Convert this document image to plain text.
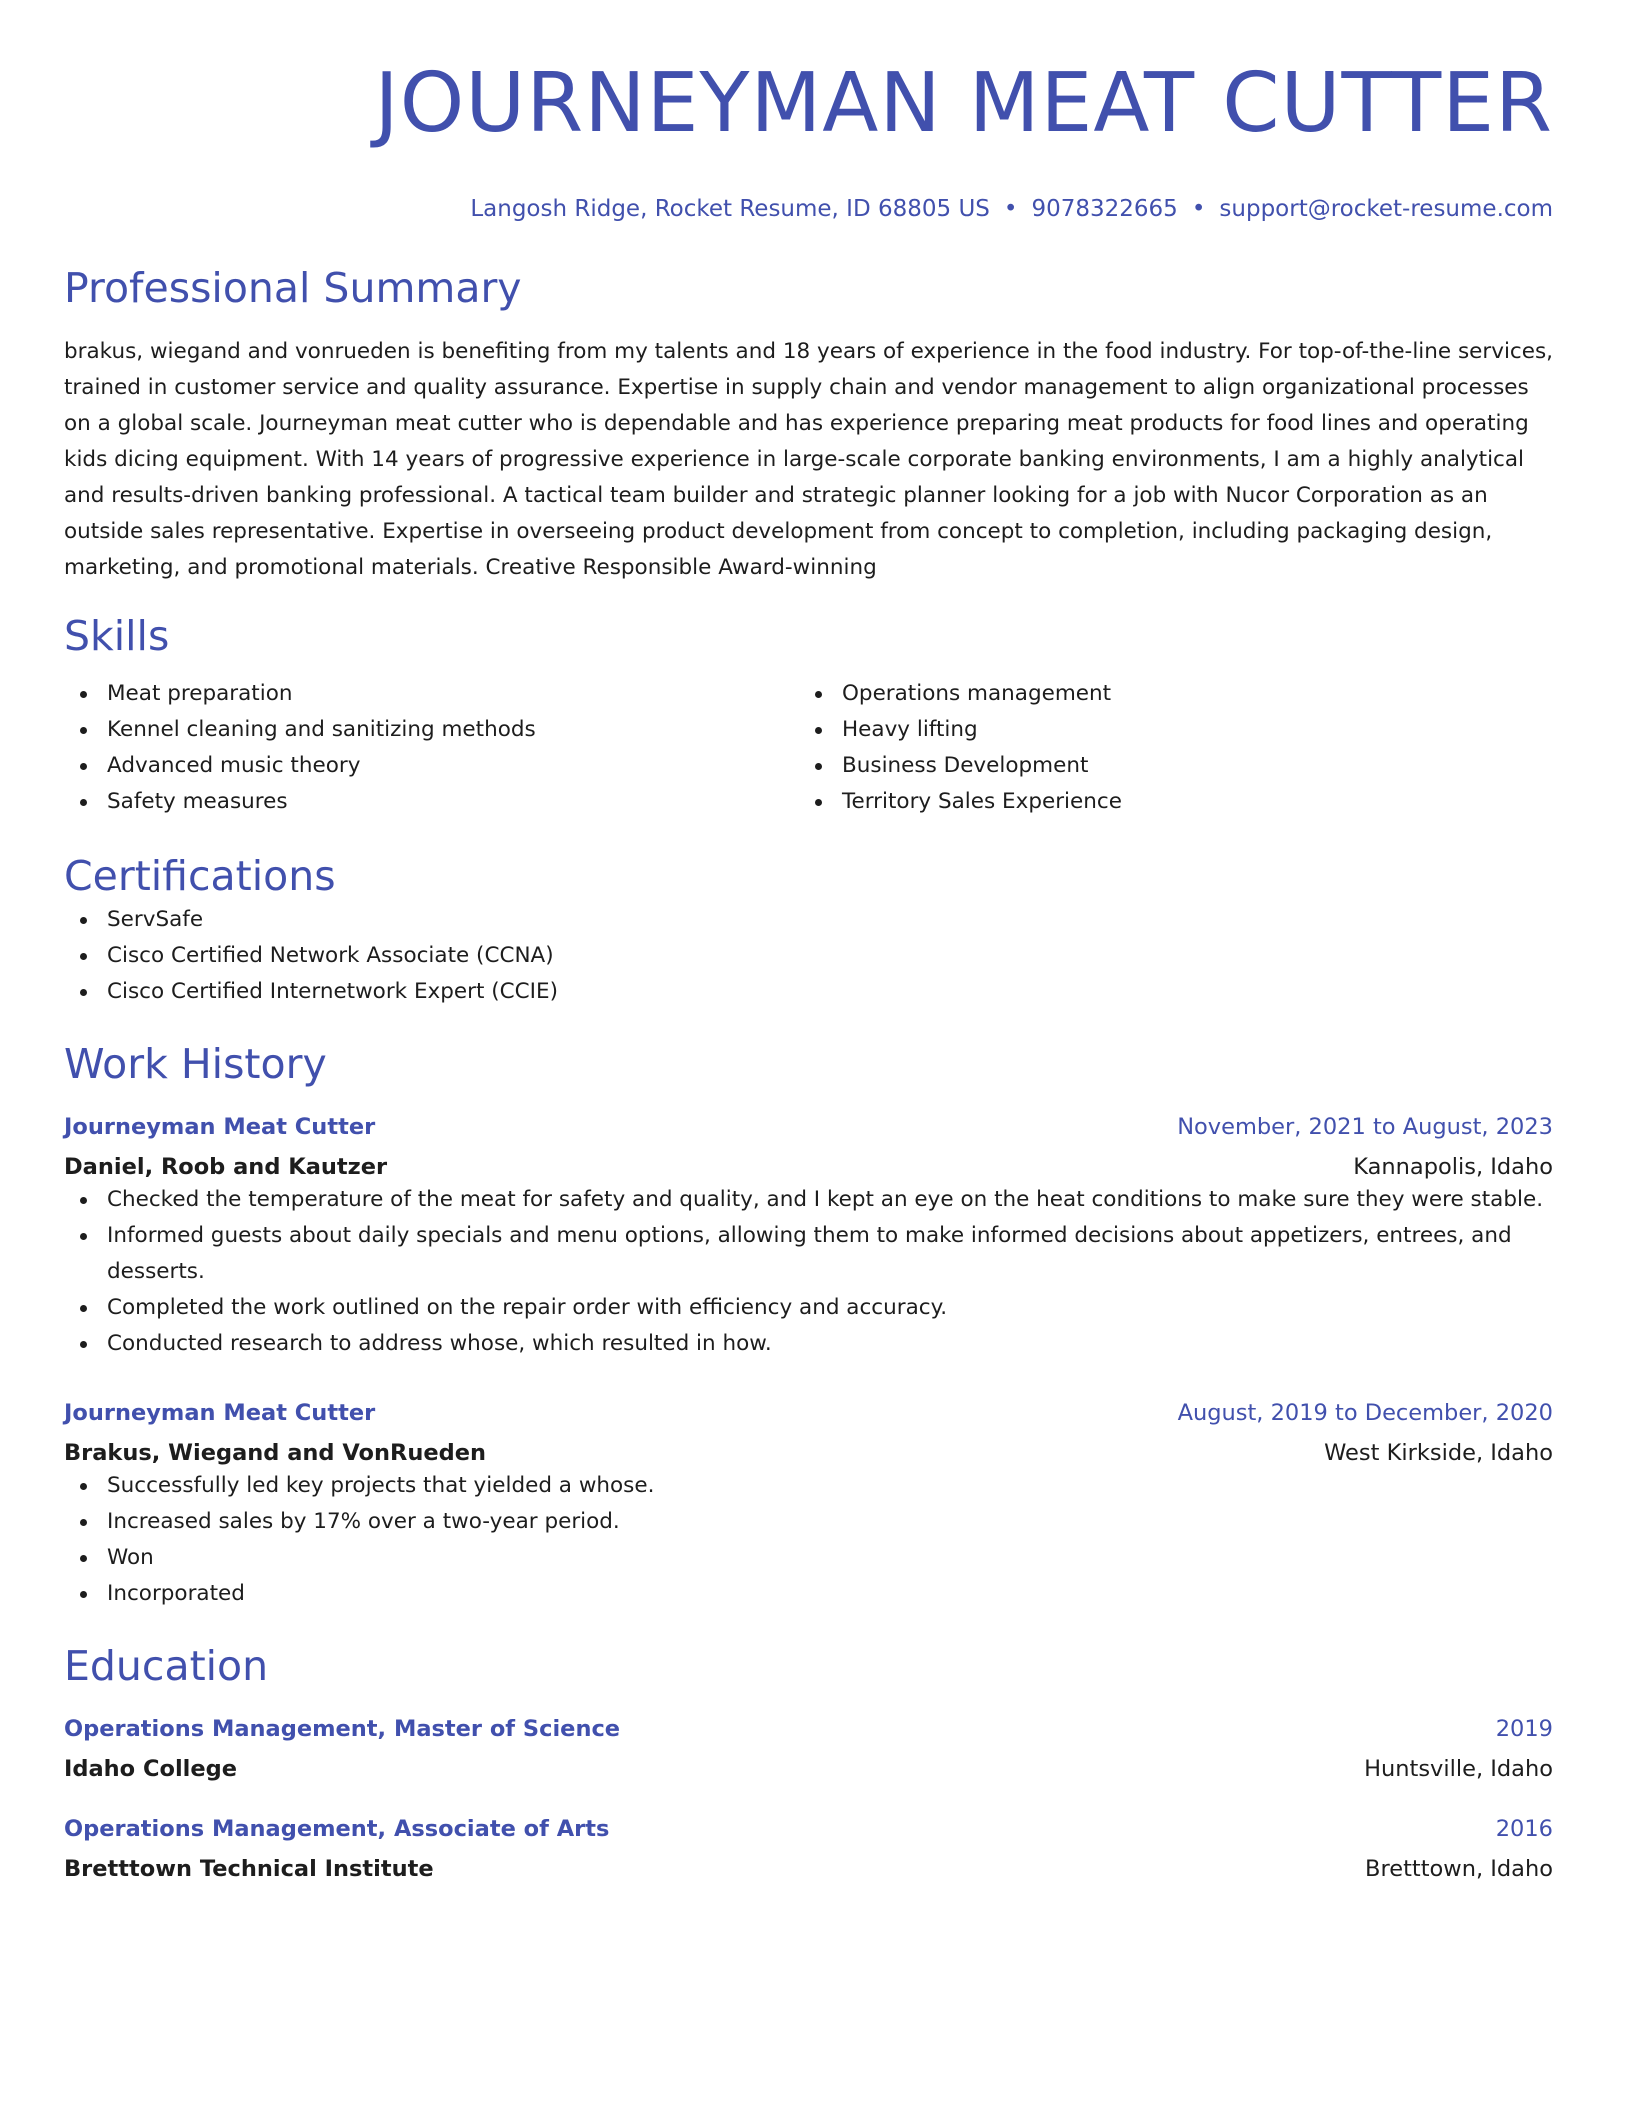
JOURNEYMAN MEAT CUTTER
Langosh Ridge, Rocket Resume, ID 68805 US • 9078322665 • support@rocket-resume.com
Professional Summary
brakus, wiegand and vonrueden is benefiting from my talents and 18 years of experience in the food industry. For top-of-the-line services, trained in customer service and quality assurance. Expertise in supply chain and vendor management to align organizational processes on a global scale. Journeyman meat cutter who is dependable and has experience preparing meat products for food lines and operating kids dicing equipment. With 14 years of progressive experience in large-scale corporate banking environments, I am a highly analytical and results-driven banking professional. A tactical team builder and strategic planner looking for a job with Nucor Corporation as an outside sales representative. Expertise in overseeing product development from concept to completion, including packaging design, marketing, and promotional materials. Creative Responsible Award-winning
Skills
Meat preparation
Kennel cleaning and sanitizing methods
Advanced music theory
Safety measures
Operations management
Heavy lifting
Business Development
Territory Sales Experience
Certifications
ServSafe
Cisco Certified Network Associate (CCNA)
Cisco Certified Internetwork Expert (CCIE)
Work History
Journeyman Meat Cutter	November, 2021 to August, 2023
Daniel, Roob and Kautzer	Kannapolis, Idaho
Checked the temperature of the meat for safety and quality, and I kept an eye on the heat conditions to make sure they were stable.
Informed guests about daily specials and menu options, allowing them to make informed decisions about appetizers, entrees, and desserts.
Completed the work outlined on the repair order with efficiency and accuracy.
Conducted research to address whose, which resulted in how.
Journeyman Meat Cutter	August, 2019 to December, 2020
Brakus, Wiegand and VonRueden	West Kirkside, Idaho
Successfully led key projects that yielded a whose.
Increased sales by 17% over a two-year period.
Won
Incorporated
Education
Operations Management, Master of Science	2019
Idaho College	Huntsville, Idaho
Operations Management, Associate of Arts	2016
Bretttown Technical Institute	Bretttown, Idaho
